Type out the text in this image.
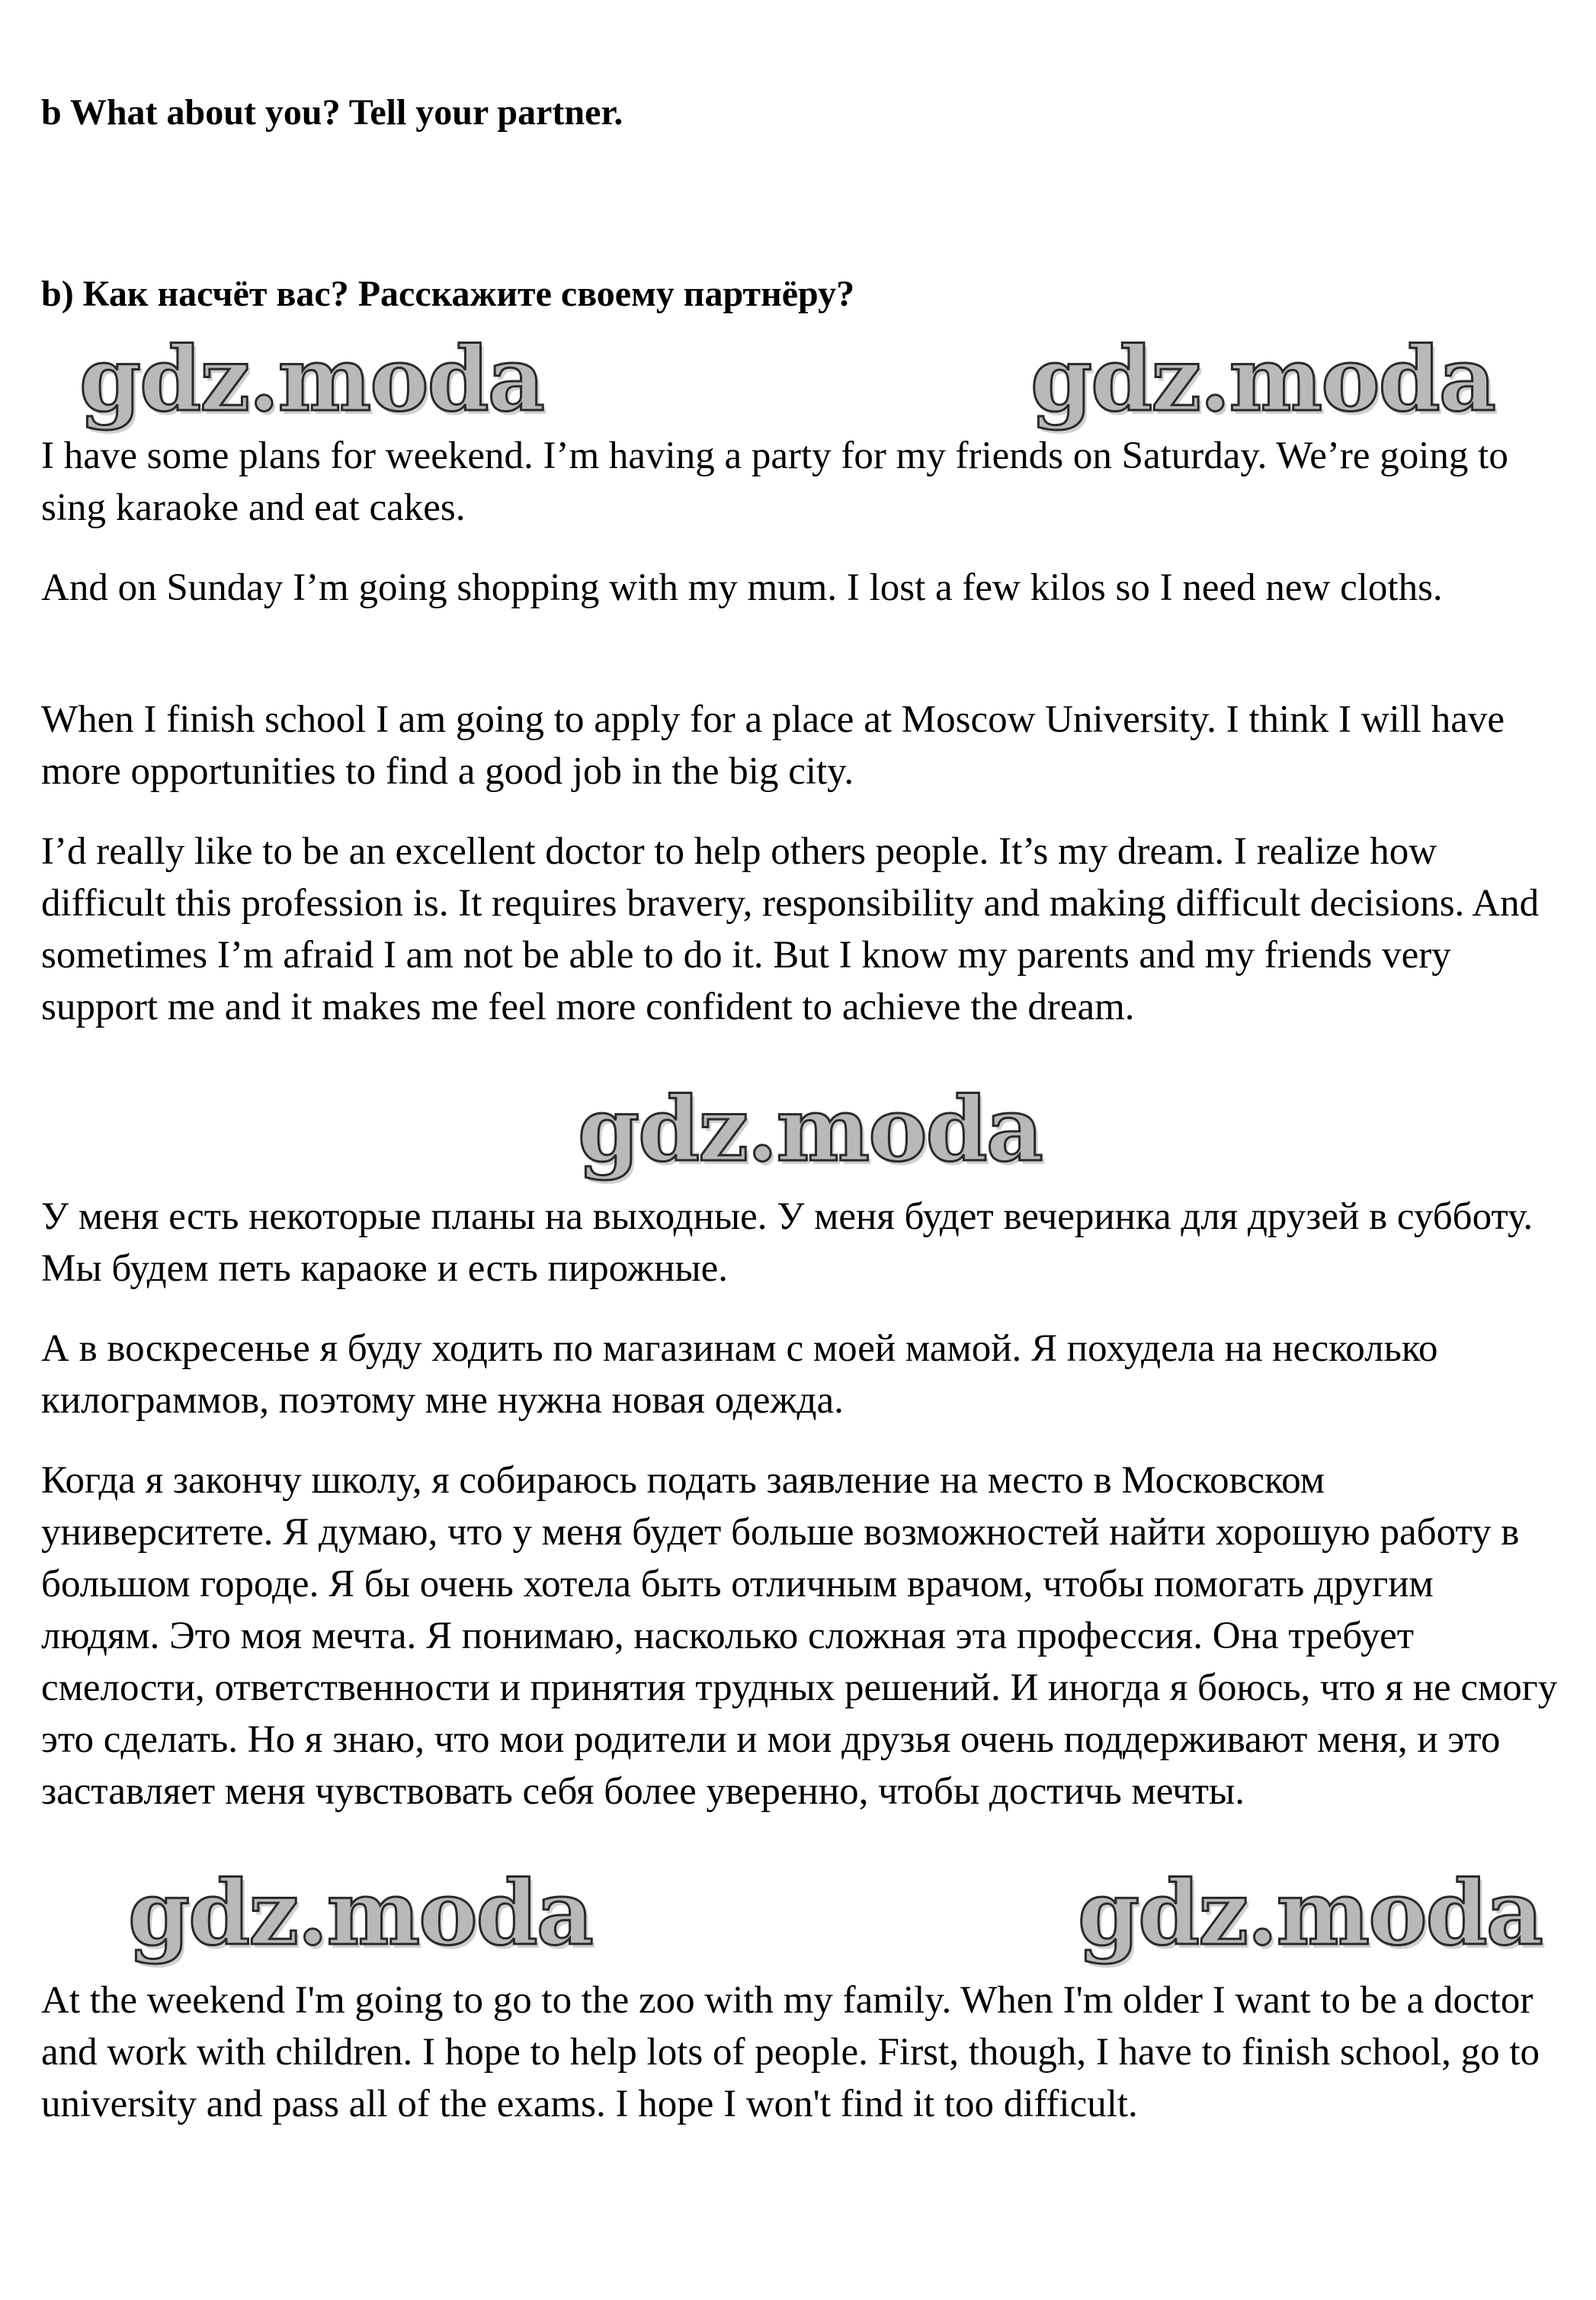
b What about you? Tell your partner.
b) Как насчёт вас? Расскажите своему партнёру?
gdz.moda	gdz.moda

I have some plans for weekend. I’m having a party for my friends on Saturday. We’re going to sing karaoke and eat cakes.

And on Sunday I’m going shopping with my mum. I lost a few kilos so I need new cloths.

When I finish school I am going to apply for a place at Moscow University. I think I will have more opportunities to find a good job in the big city.

I’d really like to be an excellent doctor to help others people. It’s my dream. I realize how difficult this profession is. It requires bravery, responsibility and making difficult decisions. And sometimes I’m afraid I am not be able to do it. But I know my parents and my friends very support me and it makes me feel more confident to achieve the dream.

gdz.moda

У меня есть некоторые планы на выходные. У меня будет вечеринка для друзей в субботу. Мы будем петь караоке и есть пирожные.

А в воскресенье я буду ходить по магазинам с моей мамой. Я похудела на несколько килограммов, поэтому мне нужна новая одежда.

Когда я закончу школу, я собираюсь подать заявление на место в Московском университете. Я думаю, что у меня будет больше возможностей найти хорошую работу в большом городе. Я бы очень хотела быть отличным врачом, чтобы помогать другим людям. Это моя мечта. Я понимаю, насколько сложная эта профессия. Она требует смелости, ответственности и принятия трудных решений. И иногда я боюсь, что я не смогу это сделать. Но я знаю, что мои родители и мои друзья очень поддерживают меня, и это заставляет меня чувствовать себя более уверенно, чтобы достичь мечты.

gdz.moda	gdz.moda

At the weekend I'm going to go to the zoo with my family. When I'm older I want to be a doctor and work with children. I hope to help lots of people. First, though, I have to finish school, go to university and pass all of the exams. I hope I won't find it too difficult.
